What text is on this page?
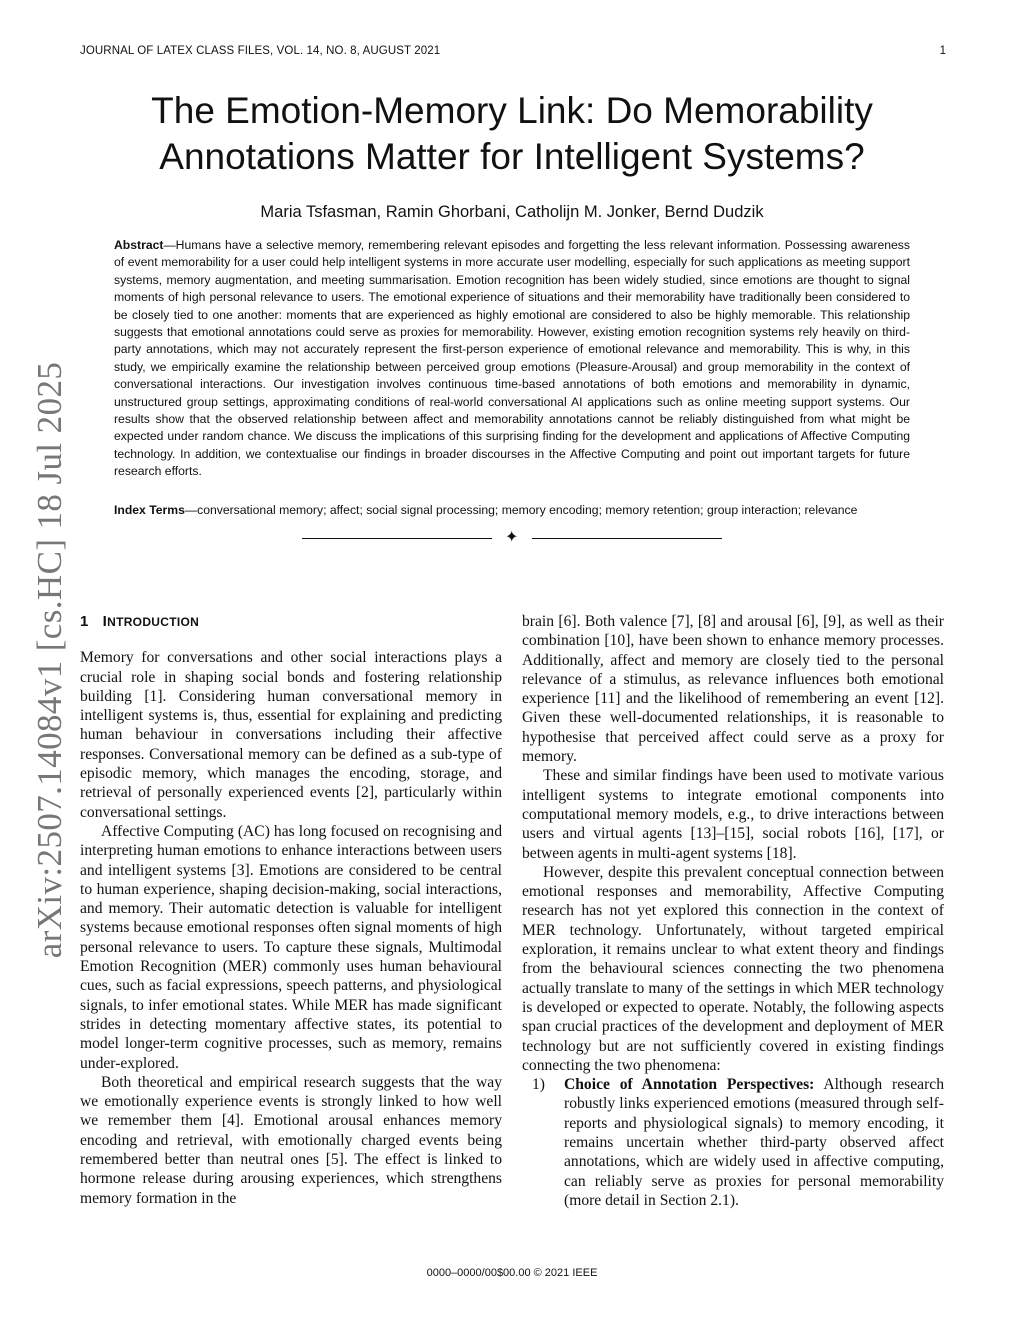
JOURNAL OF LATEX CLASS FILES, VOL. 14, NO. 8, AUGUST 2021	1
The Emotion-Memory Link: Do Memorability Annotations Matter for Intelligent Systems?
Maria Tsfasman, Ramin Ghorbani, Catholijn M. Jonker, Bernd Dudzik

Abstract—Humans have a selective memory, remembering relevant episodes and forgetting the less relevant information. Possessing awareness of event memorability for a user could help intelligent systems in more accurate user modelling, especially for such applications as meeting support systems, memory augmentation, and meeting summarisation. Emotion recognition has been widely studied, since emotions are thought to signal moments of high personal relevance to users. The emotional experience of situations and their memorability have traditionally been considered to be closely tied to one another: moments that are experienced as highly emotional are considered to also be highly memorable. This relationship suggests that emotional annotations could serve as proxies for memorability. However, existing emotion recognition systems rely heavily on third-party annotations, which may not accurately represent the first-person experience of emotional relevance and memorability. This is why, in this study, we empirically examine the relationship between perceived group emotions (Pleasure-Arousal) and group memorability in the context of conversational interactions. Our investigation involves continuous time-based annotations of both emotions and memorability in dynamic, unstructured group settings, approximating conditions of real-world conversational AI applications such as online meeting support systems. Our results show that the observed relationship between affect and memorability annotations cannot be reliably distinguished from what might be expected under random chance. We discuss the implications of this surprising finding for the development and applications of Affective Computing technology. In addition, we contextualise our findings in broader discourses in the Affective Computing and point out important targets for future research efforts.

Index Terms—conversational memory; affect; social signal processing; memory encoding; memory retention; group interaction; relevance

✦
arXiv:2507.14084v1 [cs.HC] 18 Jul 2025 1 INTRODUCTION

Memory for conversations and other social interactions plays a crucial role in shaping social bonds and fostering relationship building [1]. Considering human conversational memory in intelligent systems is, thus, essential for explaining and predicting human behaviour in conversations including their affective responses. Conversational memory can be defined as a sub-type of episodic memory, which manages the encoding, storage, and retrieval of personally experienced events [2], particularly within conversational settings.

Affective Computing (AC) has long focused on recognising and interpreting human emotions to enhance interactions between users and intelligent systems [3]. Emotions are considered to be central to human experience, shaping decision-making, social interactions, and memory. Their automatic detection is valuable for intelligent systems because emotional responses often signal moments of high personal relevance to users. To capture these signals, Multimodal Emotion Recognition (MER) commonly uses human behavioural cues, such as facial expressions, speech patterns, and physiological signals, to infer emotional states. While MER has made significant strides in detecting momentary affective states, its potential to model longer-term cognitive processes, such as memory, remains under-explored.

Both theoretical and empirical research suggests that the way we emotionally experience events is strongly linked to how well we remember them [4]. Emotional arousal enhances memory encoding and retrieval, with emotionally charged events being remembered better than neutral ones [5]. The effect is linked to hormone release during arousing experiences, which strengthens memory formation in the

brain [6]. Both valence [7], [8] and arousal [6], [9], as well as their combination [10], have been shown to enhance memory processes. Additionally, affect and memory are closely tied to the personal relevance of a stimulus, as relevance influences both emotional experience [11] and the likelihood of remembering an event [12]. Given these well-documented relationships, it is reasonable to hypothesise that perceived affect could serve as a proxy for memory.

These and similar findings have been used to motivate various intelligent systems to integrate emotional components into computational memory models, e.g., to drive interactions between users and virtual agents [13]–[15], social robots [16], [17], or between agents in multi-agent systems [18].

However, despite this prevalent conceptual connection between emotional responses and memorability, Affective Computing research has not yet explored this connection in the context of MER technology. Unfortunately, without targeted empirical exploration, it remains unclear to what extent theory and findings from the behavioural sciences connecting the two phenomena actually translate to many of the settings in which MER technology is developed or expected to operate. Notably, the following aspects span crucial practices of the development and deployment of MER technology but are not sufficiently covered in existing findings connecting the two phenomena:

1)	Choice of Annotation Perspectives: Although research robustly links experienced emotions (measured through self-reports and physiological signals) to memory encoding, it remains uncertain whether third-party observed affect annotations, which are widely used in affective computing, can reliably serve as proxies for personal memorability (more detail in Section 2.1).
0000–0000/00$00.00 © 2021 IEEE
